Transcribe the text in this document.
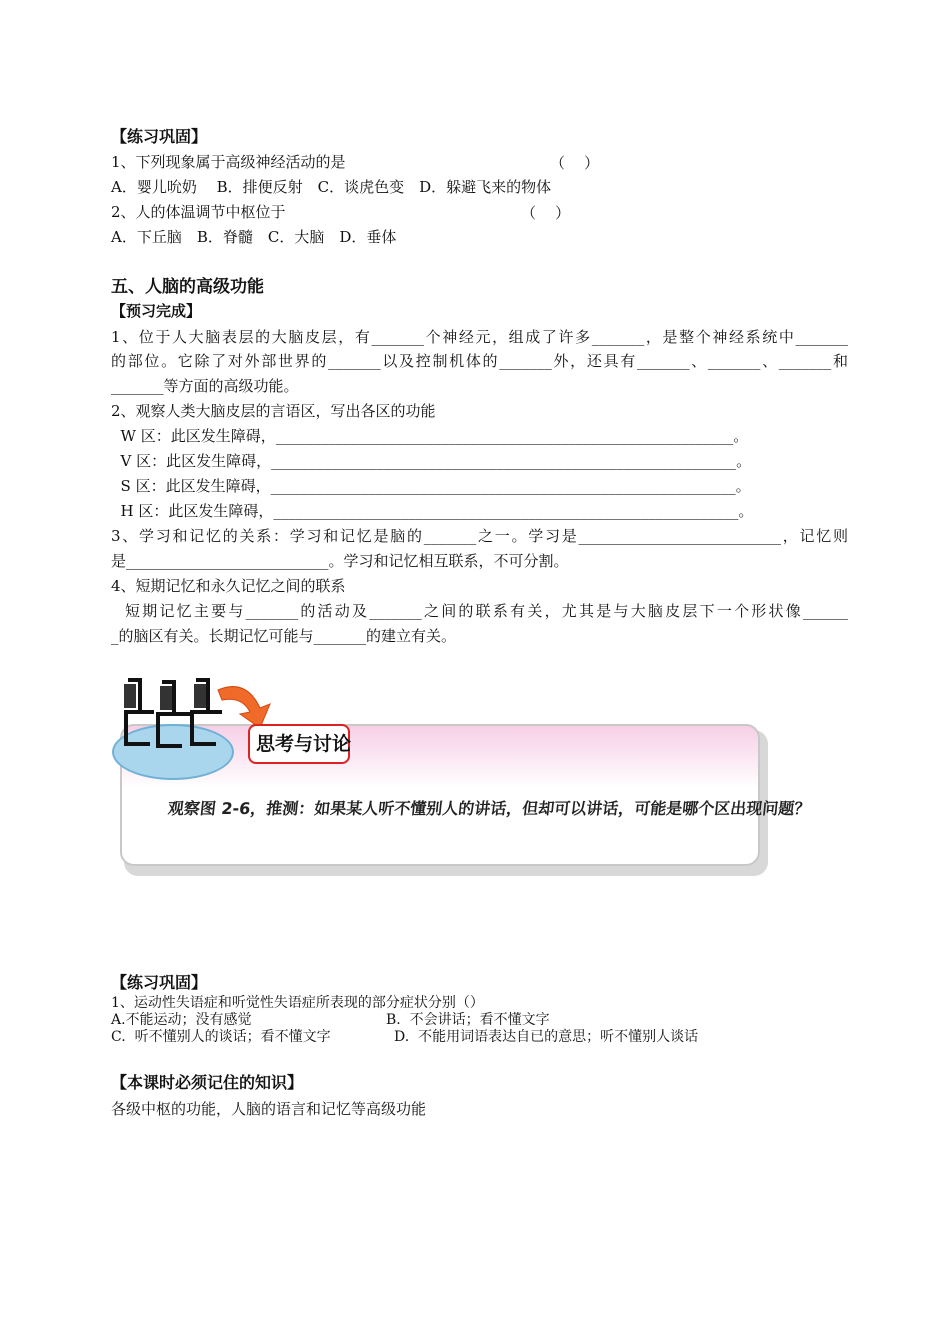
【练习巩固】
1、下列现象属于高级神经活动的是	（    ）
A．婴儿吮奶　 B．排便反射　C．谈虎色变　D．躲避飞来的物体
2、人的体温调节中枢位于	（    ）
A．下丘脑　B．脊髓　C．大脑　D．垂体
五、人脑的高级功能
【预习完成】
1、位于人大脑表层的大脑皮层，有_______个神经元，组成了许多_______，是整个神经系统中_______
的部位。它除了对外部世界的_______以及控制机体的_______外，还具有_______、_______、_______和
_______等方面的高级功能。
2、观察人类大脑皮层的言语区，写出各区的功能
W 区：此区发生障碍，_____________________________________________________________。
V 区：此区发生障碍，______________________________________________________________。
S 区：此区发生障碍，______________________________________________________________。
H 区：此区发生障碍，______________________________________________________________。
3、学习和记忆的关系：学习和记忆是脑的_______之一。学习是___________________________，记忆则
是___________________________。学习和记忆相互联系，不可分割。
4、短期记忆和永久记忆之间的联系
短期记忆主要与_______的活动及_______之间的联系有关，尤其是与大脑皮层下一个形状像______
_的脑区有关。长期记忆可能与_______的建立有关。
思考与讨论
观察图 2-6，推测：如果某人听不懂别人的讲话，但却可以讲话，可能是哪个区出现问题？
【练习巩固】
1、运动性失语症和听觉性失语症所表现的部分症状分别（）
A.不能运动；没有感觉	B.  不会讲话；看不懂文字
C.  听不懂别人的谈话；看不懂文字	D.  不能用词语表达自已的意思；听不懂别人谈话
【本课时必须记住的知识】
各级中枢的功能，人脑的语言和记忆等高级功能
